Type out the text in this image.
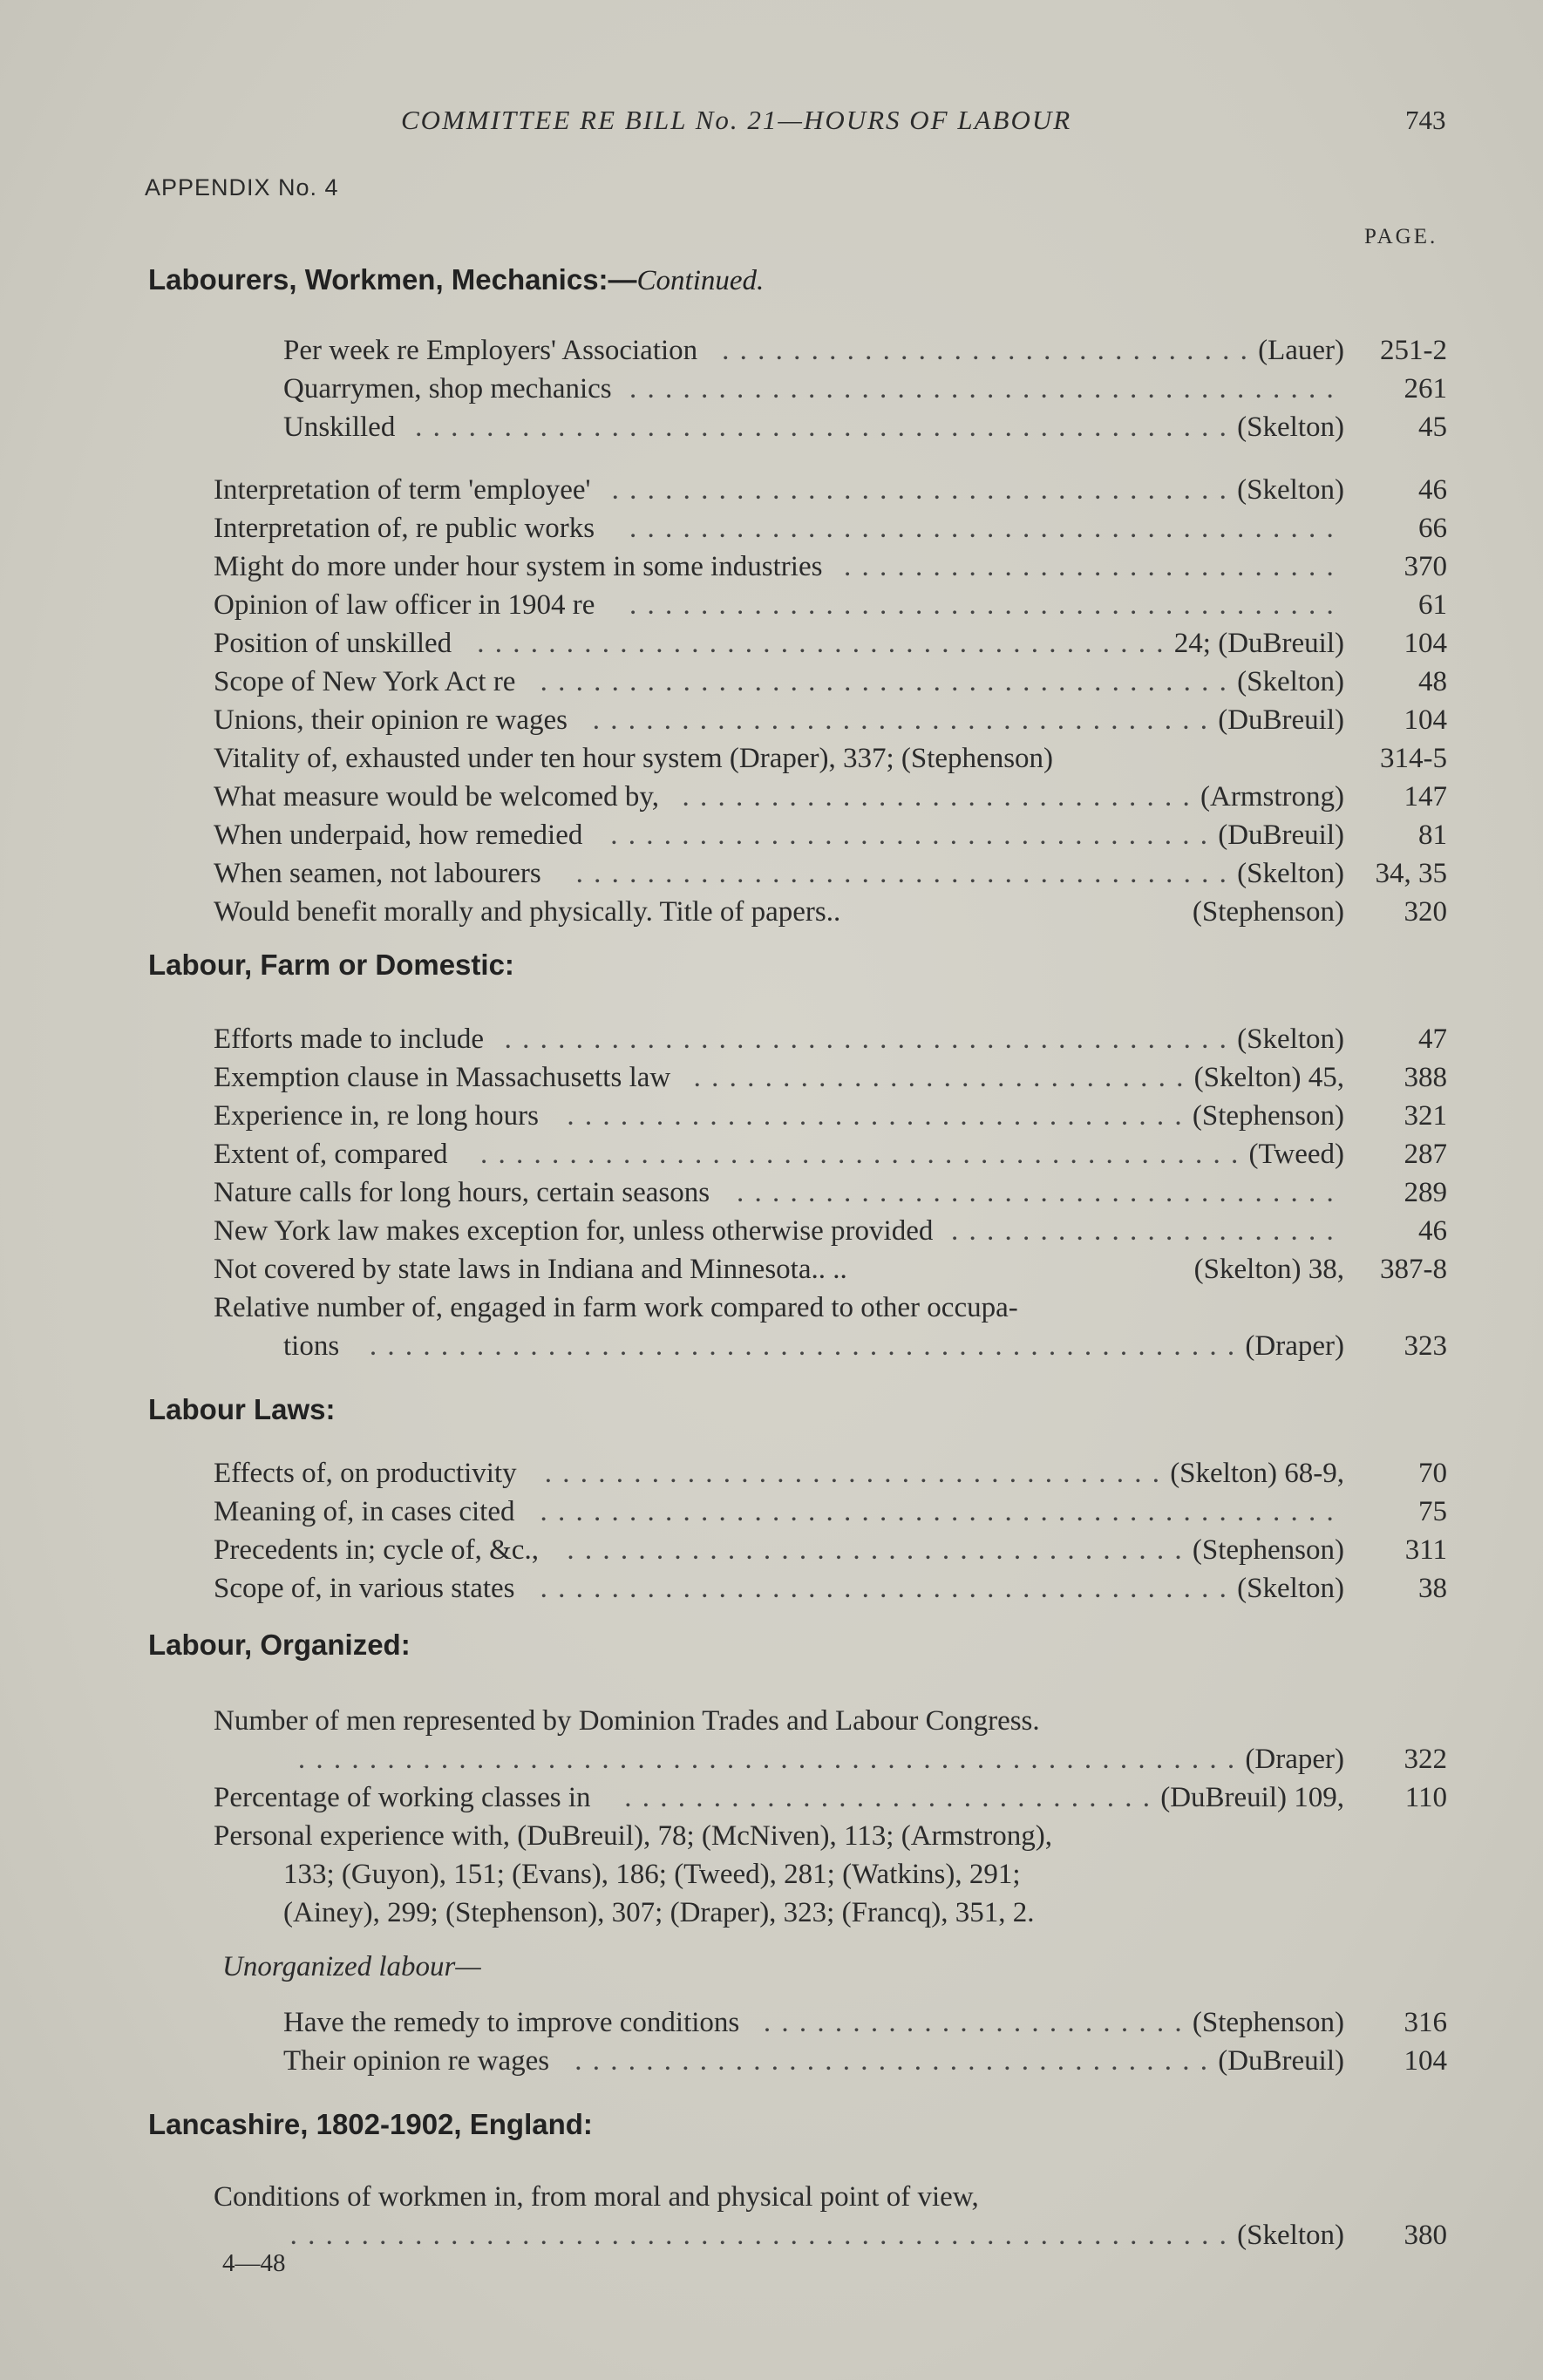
COMMITTEE RE BILL No. 21—HOURS OF LABOUR	743
APPENDIX No. 4
PAGE.
Labourers, Workmen, Mechanics:—Continued.
Per week re Employers' Association . . . . . . . . . . . . . . . . . . . . . . . . . . . . . . (Lauer) 251-2
Quarrymen, shop mechanics . . . . . . . . . . . . . . . . . . . . . . . . . . . . . . . . . . . . . . . . 261
Unskilled . . . . . . . . . . . . . . . . . . . . . . . . . . . . . . . . . . . . . . . . . . . . . . (Skelton)	45
Interpretation of term 'employee' . . . . . . . . . . . . . . . . . . . . . . . . . . . . . . . . . . . (Skelton)	46
Interpretation of, re public works . . . . . . . . . . . . . . . . . . . . . . . . . . . . . . . . . . . . . . . .	66
Might do more under hour system in some industries . . . . . . . . . . . . . . . . . . . . . . . . . . . . 370
Opinion of law officer in 1904 re . . . . . . . . . . . . . . . . . . . . . . . . . . . . . . . . . . . . . . . .	61
Position of unskilled . . . . . . . . . . . . . . . . . . . . . . . . . . . . . . . . . . . . . . . 24; (DuBreuil) 104
Scope of New York Act re . . . . . . . . . . . . . . . . . . . . . . . . . . . . . . . . . . . . . . . (Skelton)	48
Unions, their opinion re wages . . . . . . . . . . . . . . . . . . . . . . . . . . . . . . . . . . . (DuBreuil) 104
Vitality of, exhausted under ten hour system (Draper), 337; (Stephenson)	314-5
What measure would be welcomed by, . . . . . . . . . . . . . . . . . . . . . . . . . . . . . (Armstrong) 147
When underpaid, how remedied . . . . . . . . . . . . . . . . . . . . . . . . . . . . . . . . . . (DuBreuil)	81
When seamen, not labourers . . . . . . . . . . . . . . . . . . . . . . . . . . . . . . . . . . . . . (Skelton) 34, 35
Would benefit morally and physically. Title of papers..	(Stephenson) 320
Labour, Farm or Domestic:
Efforts made to include . . . . . . . . . . . . . . . . . . . . . . . . . . . . . . . . . . . . . . . . . (Skelton)	47
Exemption clause in Massachusetts law . . . . . . . . . . . . . . . . . . . . . . . . . . . . (Skelton) 45, 388
Experience in, re long hours . . . . . . . . . . . . . . . . . . . . . . . . . . . . . . . . . . . (Stephenson) 321
Extent of, compared . . . . . . . . . . . . . . . . . . . . . . . . . . . . . . . . . . . . . . . . . . . (Tweed) 287
Nature calls for long hours, certain seasons . . . . . . . . . . . . . . . . . . . . . . . . . . . . . . . . . . 289
New York law makes exception for, unless otherwise provided . . . . . . . . . . . . . . . . . . . . . .	46
Not covered by state laws in Indiana and Minnesota.. ..	(Skelton) 38, 387-8
Relative number of, engaged in farm work compared to other occupa-
tions . . . . . . . . . . . . . . . . . . . . . . . . . . . . . . . . . . . . . . . . . . . . . . . . . (Draper) 323
Labour Laws:
Effects of, on productivity . . . . . . . . . . . . . . . . . . . . . . . . . . . . . . . . . . . (Skelton) 68-9,	70
Meaning of, in cases cited . . . . . . . . . . . . . . . . . . . . . . . . . . . . . . . . . . . . . . . . . . . . .	75
Precedents in; cycle of, &c., . . . . . . . . . . . . . . . . . . . . . . . . . . . . . . . . . . . (Stephenson) 311
Scope of, in various states . . . . . . . . . . . . . . . . . . . . . . . . . . . . . . . . . . . . . . . (Skelton)	38
Labour, Organized:
Number of men represented by Dominion Trades and Labour Congress.
. . . . . . . . . . . . . . . . . . . . . . . . . . . . . . . . . . . . . . . . . . . . . . . . . . . . . (Draper) 322
Percentage of working classes in . . . . . . . . . . . . . . . . . . . . . . . . . . . . . . (DuBreuil) 109, 110
Personal experience with, (DuBreuil), 78; (McNiven), 113; (Armstrong),
133; (Guyon), 151; (Evans), 186; (Tweed), 281; (Watkins), 291;
(Ainey), 299; (Stephenson), 307; (Draper), 323; (Francq), 351, 2.
Unorganized labour—
Have the remedy to improve conditions . . . . . . . . . . . . . . . . . . . . . . . . (Stephenson) 316
Their opinion re wages . . . . . . . . . . . . . . . . . . . . . . . . . . . . . . . . . . . . (DuBreuil) 104
Lancashire, 1802-1902, England:
Conditions of workmen in, from moral and physical point of view,
. . . . . . . . . . . . . . . . . . . . . . . . . . . . . . . . . . . . . . . . . . . . . . . . . . . . . (Skelton) 380
4—48
